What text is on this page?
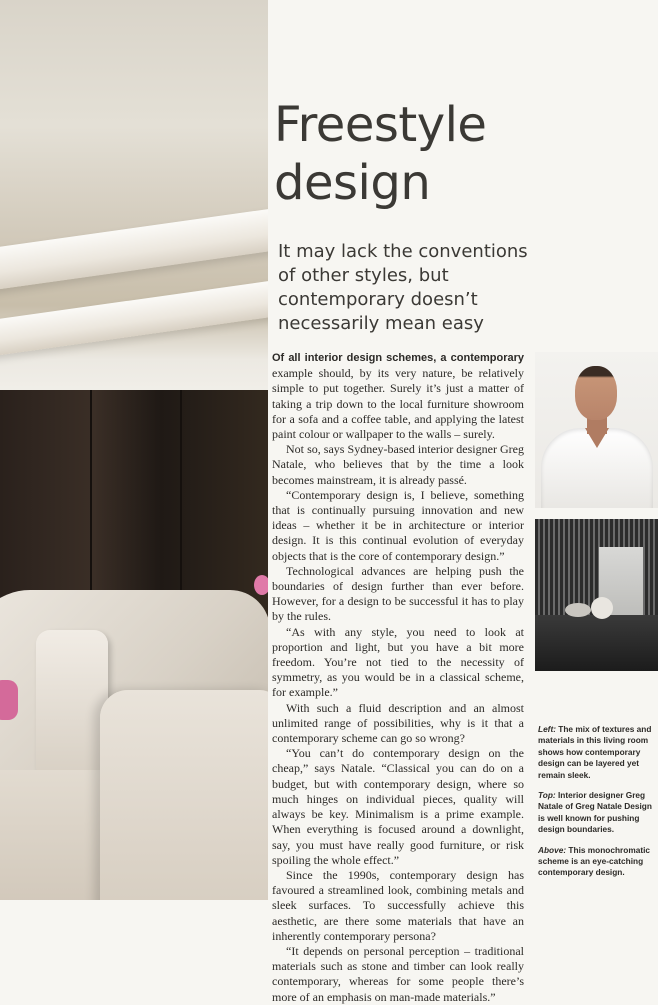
Freestyle
design

It may lack the conventions of other styles, but contemporary doesn’t necessarily mean easy

Of all interior design schemes, a contemporary example should, by its very nature, be relatively simple to put together. Surely it’s just a matter of taking a trip down to the local furniture showroom for a sofa and a coffee table, and applying the latest paint colour or wallpaper to the walls – surely.

Not so, says Sydney-based interior designer Greg Natale, who believes that by the time a look becomes mainstream, it is already passé.

“Contemporary design is, I believe, something that is continually pursuing innovation and new ideas – whether it be in architecture or interior design. It is this continual evolution of everyday objects that is the core of contemporary design.”

Technological advances are helping push the boundaries of design further than ever before. However, for a design to be successful it has to play by the rules.

“As with any style, you need to look at proportion and light, but you have a bit more freedom. You’re not tied to the necessity of symmetry, as you would be in a classical scheme, for example.”

With such a fluid description and an almost unlimited range of possibilities, why is it that a contemporary scheme can go so wrong?

“You can’t do contemporary design on the cheap,” says Natale. “Classical you can do on a budget, but with contemporary design, where so much hinges on individual pieces, quality will always be key. Minimalism is a prime example. When everything is focused around a downlight, say, you must have really good furniture, or risk spoiling the whole effect.”

Since the 1990s, contemporary design has favoured a streamlined look, combining metals and sleek surfaces. To successfully achieve this aesthetic, are there some materials that have an inherently contemporary persona?

“It depends on personal perception – traditional materials such as stone and timber can look really contemporary, whereas for some people there’s more of an emphasis on man-made materials.”

Left: The mix of textures and materials in this living room shows how contemporary design can be layered yet remain sleek.

Top: Interior designer Greg Natale of Greg Natale Design is well known for pushing design boundaries.

Above: This monochromatic scheme is an eye-catching contemporary design.
